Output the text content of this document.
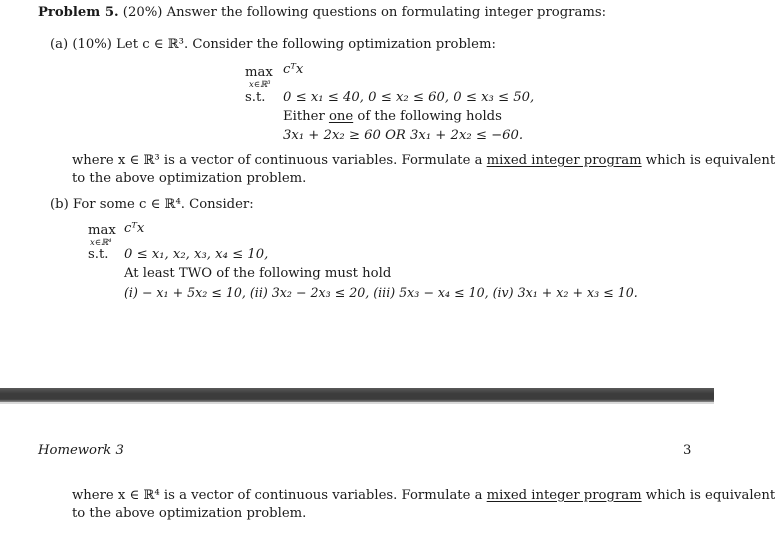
Problem 5. (20%) Answer the following questions on formulating integer programs:
(a) (10%) Let c ∈ ℝ³. Consider the following optimization problem:
max
x∈ℝ³
cᵀx
s.t. 0 ≤ x₁ ≤ 40, 0 ≤ x₂ ≤ 60, 0 ≤ x₃ ≤ 50,
Either one of the following holds
3x₁ + 2x₂ ≥ 60 OR 3x₁ + 2x₂ ≤ −60.
where x ∈ ℝ³ is a vector of continuous variables. Formulate a mixed integer program which is equivalent
to the above optimization problem.
(b) For some c ∈ ℝ⁴. Consider:
max
x∈ℝ⁴
cᵀx
s.t. 0 ≤ x₁, x₂, x₃, x₄ ≤ 10,
At least TWO of the following must hold
(i) − x₁ + 5x₂ ≤ 10, (ii) 3x₂ − 2x₃ ≤ 20, (iii) 5x₃ − x₄ ≤ 10, (iv) 3x₁ + x₂ + x₃ ≤ 10.
Homework 3	3
where x ∈ ℝ⁴ is a vector of continuous variables. Formulate a mixed integer program which is equivalent
to the above optimization problem.
